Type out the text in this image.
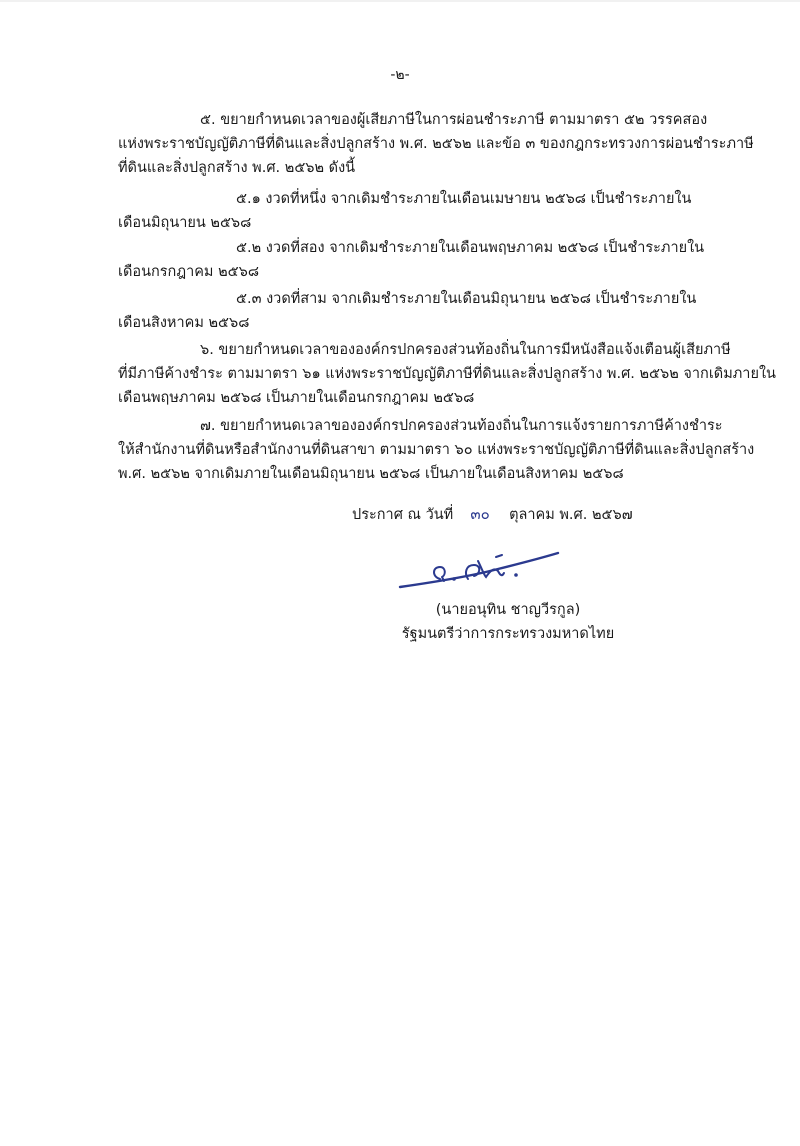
-๒-
๕. ขยายกำหนดเวลาของผู้เสียภาษีในการผ่อนชำระภาษี ตามมาตรา ๕๒ วรรคสอง
แห่งพระราชบัญญัติภาษีที่ดินและสิ่งปลูกสร้าง พ.ศ. ๒๕๖๒ และข้อ ๓ ของกฎกระทรวงการผ่อนชำระภาษี
ที่ดินและสิ่งปลูกสร้าง พ.ศ. ๒๕๖๒ ดังนี้
๕.๑ งวดที่หนึ่ง จากเดิมชำระภายในเดือนเมษายน ๒๕๖๘ เป็นชำระภายใน
เดือนมิถุนายน ๒๕๖๘
๕.๒ งวดที่สอง จากเดิมชำระภายในเดือนพฤษภาคม ๒๕๖๘ เป็นชำระภายใน
เดือนกรกฎาคม ๒๕๖๘
๕.๓ งวดที่สาม จากเดิมชำระภายในเดือนมิถุนายน ๒๕๖๘ เป็นชำระภายใน
เดือนสิงหาคม ๒๕๖๘
๖. ขยายกำหนดเวลาขององค์กรปกครองส่วนท้องถิ่นในการมีหนังสือแจ้งเตือนผู้เสียภาษี
ที่มีภาษีค้างชำระ ตามมาตรา ๖๑ แห่งพระราชบัญญัติภาษีที่ดินและสิ่งปลูกสร้าง พ.ศ. ๒๕๖๒ จากเดิมภายใน
เดือนพฤษภาคม ๒๕๖๘ เป็นภายในเดือนกรกฎาคม ๒๕๖๘
๗. ขยายกำหนดเวลาขององค์กรปกครองส่วนท้องถิ่นในการแจ้งรายการภาษีค้างชำระ
ให้สำนักงานที่ดินหรือสำนักงานที่ดินสาขา ตามมาตรา ๖๐ แห่งพระราชบัญญัติภาษีที่ดินและสิ่งปลูกสร้าง
พ.ศ. ๒๕๖๒ จากเดิมภายในเดือนมิถุนายน ๒๕๖๘ เป็นภายในเดือนสิงหาคม ๒๕๖๘
ประกาศ ณ วันที่ ๓๐ ตุลาคม พ.ศ. ๒๕๖๗
(นายอนุทิน ชาญวีรกูล)
รัฐมนตรีว่าการกระทรวงมหาดไทย
